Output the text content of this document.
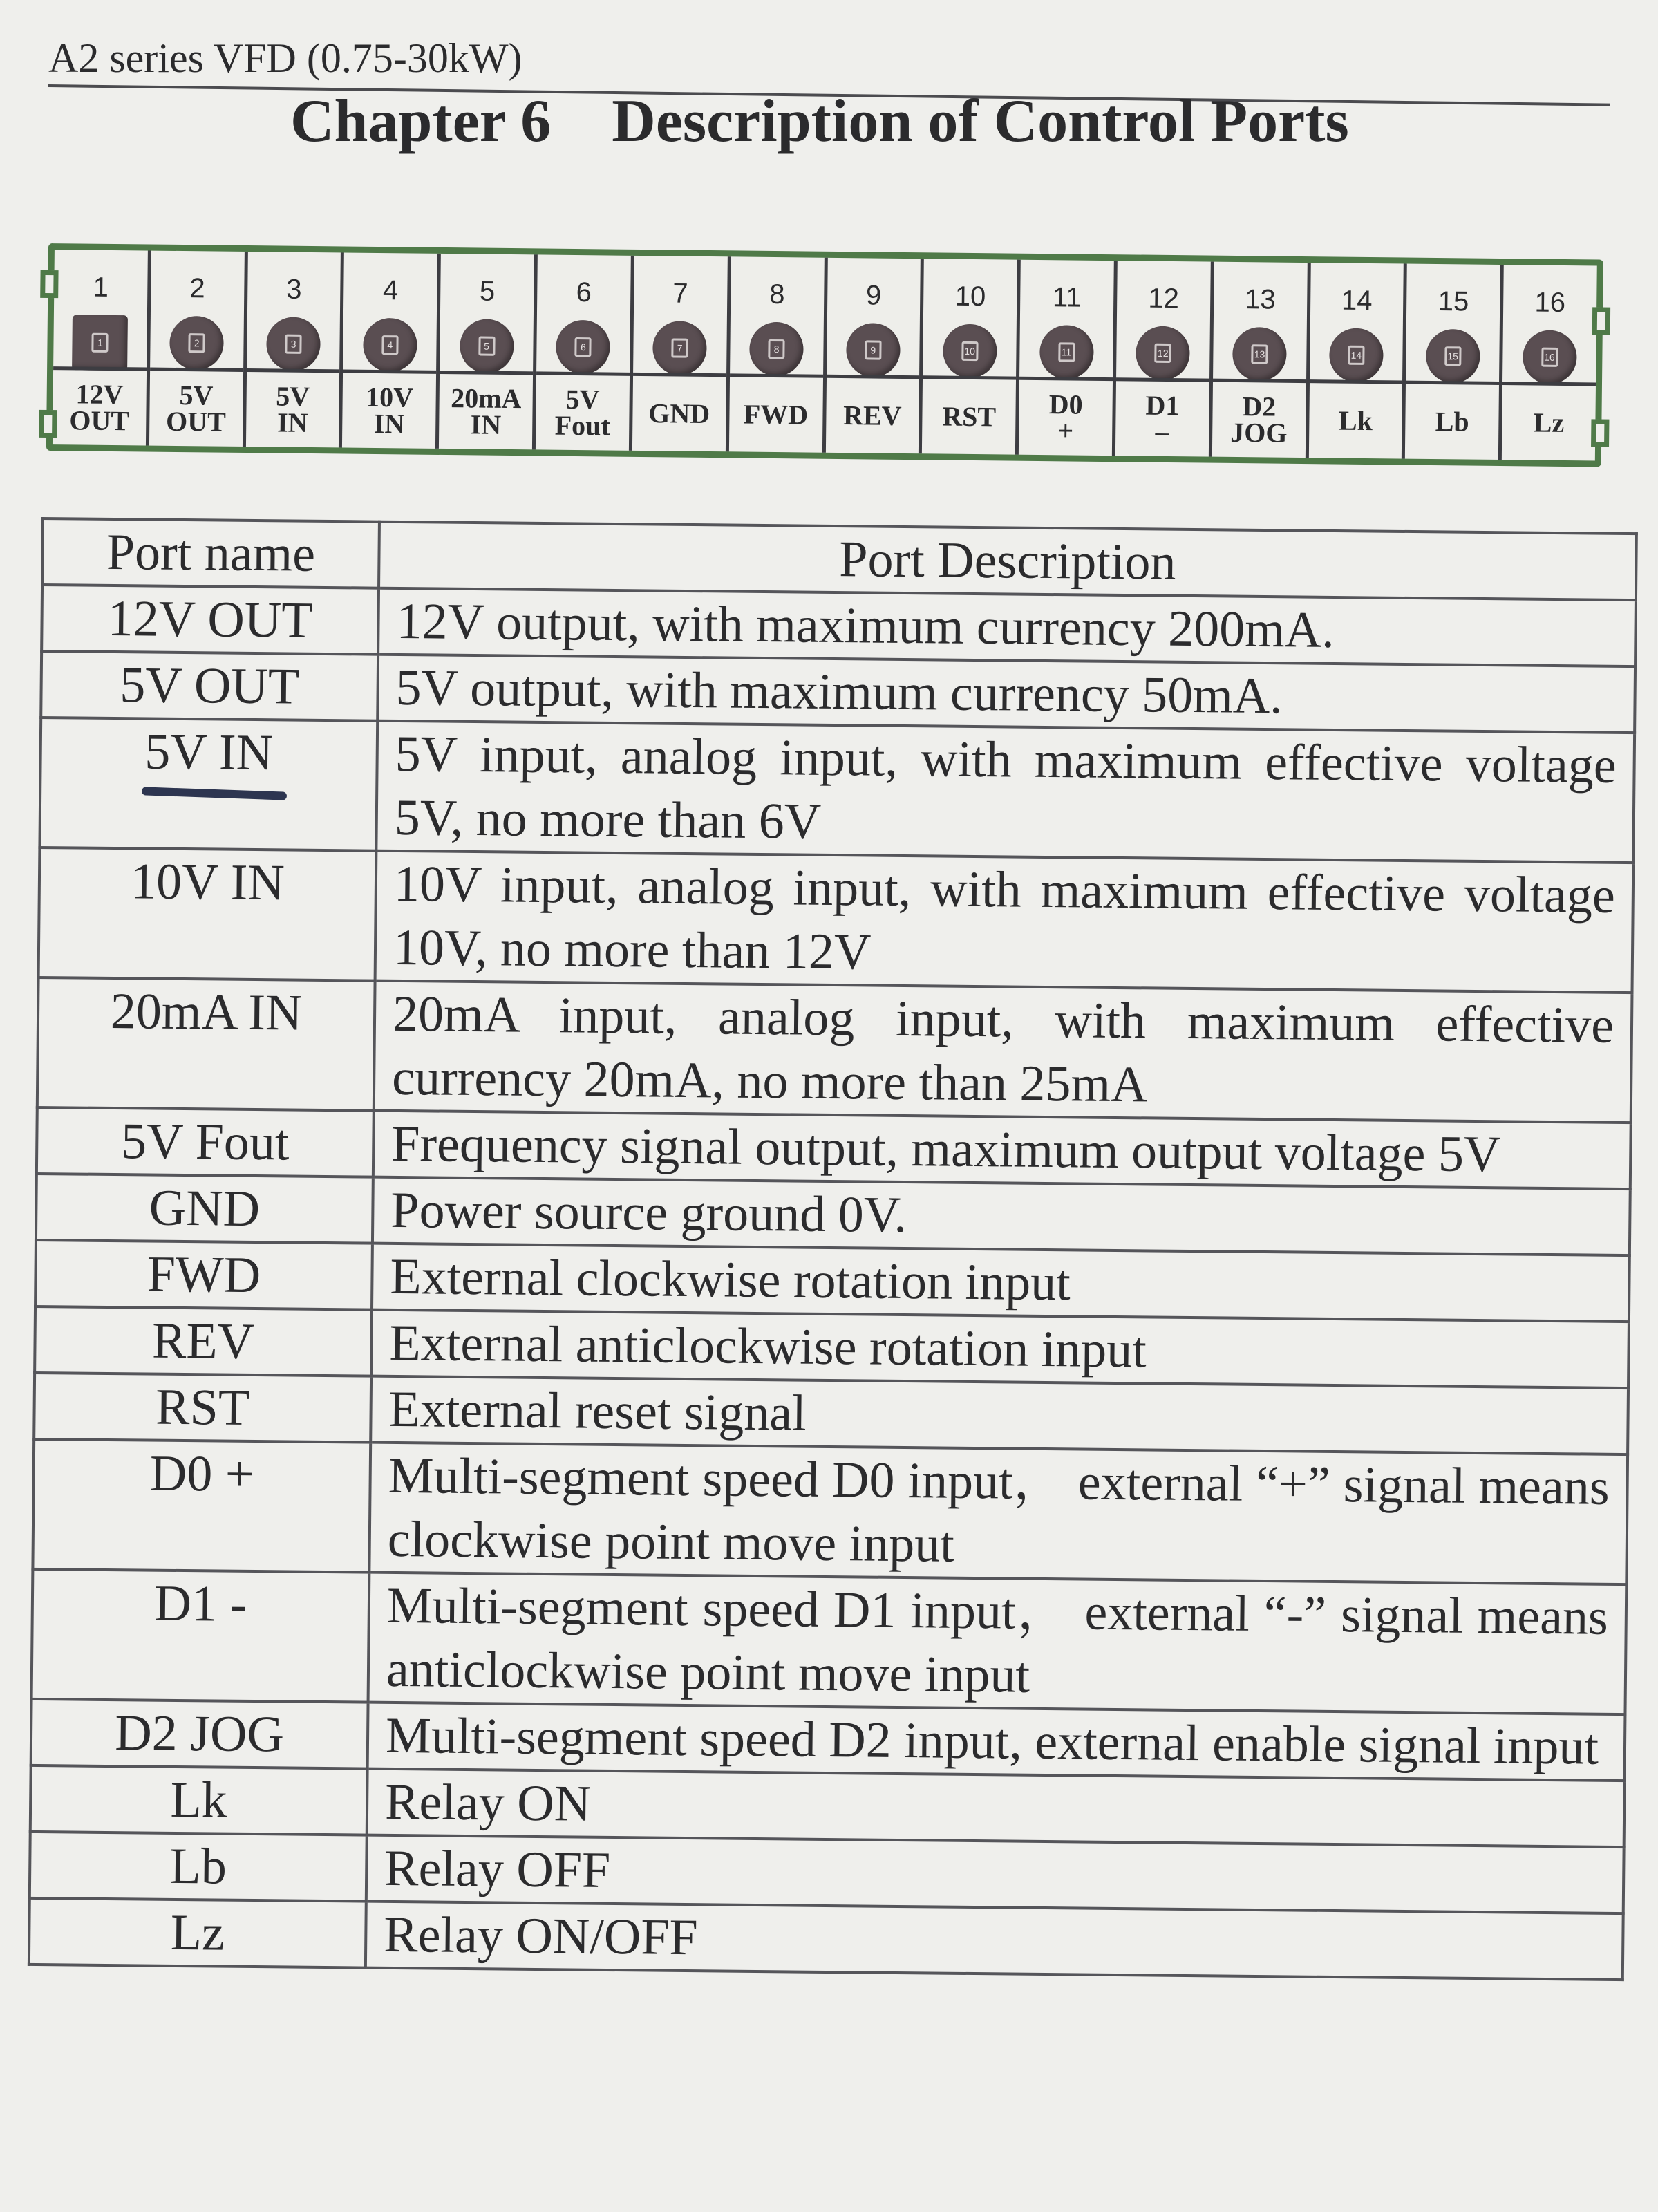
A2 series VFD (0.75-30kW)
Chapter 6    Description of Control Ports
1
1
12V
OUT
2
2
5V
OUT
3
3
5V
IN
4
4
10V
IN
5
5
20mA
IN
6
6
5V
Fout
7
7
GND
8
8
FWD
9
9
REV
10
10
RST
11
11
D0
+
12
12
D1
–
13
13
D2
JOG
14
14
Lk
15
15
Lb
16
16
Lz
Port name	Port Description
12V OUT	12V output, with maximum currency 200mA.
5V OUT	5V output, with maximum currency 50mA.
5V IN	5V input, analog input, with maximum effective voltage 5V, no more than 6V
10V IN	10V input, analog input, with maximum effective voltage 10V, no more than 12V
20mA IN	20mA input, analog input, with maximum effective currency 20mA, no more than 25mA
5V Fout	Frequency signal output, maximum output voltage 5V
GND	Power source ground 0V.
FWD	External clockwise rotation input
REV	External anticlockwise rotation input
RST	External reset signal
D0 +	Multi-segment speed D0 input， external “+” signal means clockwise point move input
D1 -	Multi-segment speed D1 input， external “-” signal means anticlockwise point move input
D2 JOG	Multi-segment speed D2 input, external enable signal input
Lk	Relay ON
Lb	Relay OFF
Lz	Relay ON/OFF
